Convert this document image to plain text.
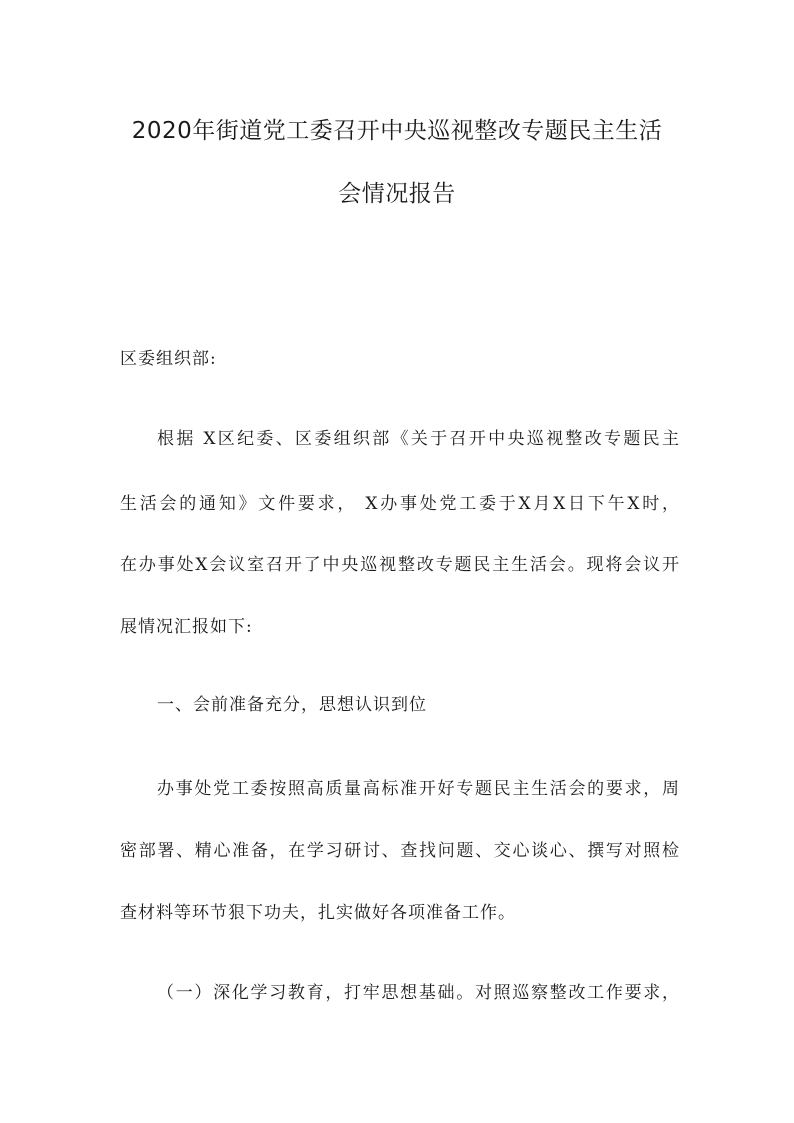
2020年街道党工委召开中央巡视整改专题民主生活
会情况报告
区委组织部:
根据 X区纪委、区委组织部《关于召开中央巡视整改专题民主
生活会的通知》文件要求， X办事处党工委于X月X日下午X时，
在办事处X会议室召开了中央巡视整改专题民主生活会。现将会议开
展情况汇报如下:
一、会前准备充分，思想认识到位
办事处党工委按照高质量高标准开好专题民主生活会的要求，周
密部署、精心准备，在学习研讨、查找问题、交心谈心、撰写对照检
查材料等环节狠下功夫，扎实做好各项准备工作。
（一）深化学习教育，打牢思想基础。对照巡察整改工作要求，
